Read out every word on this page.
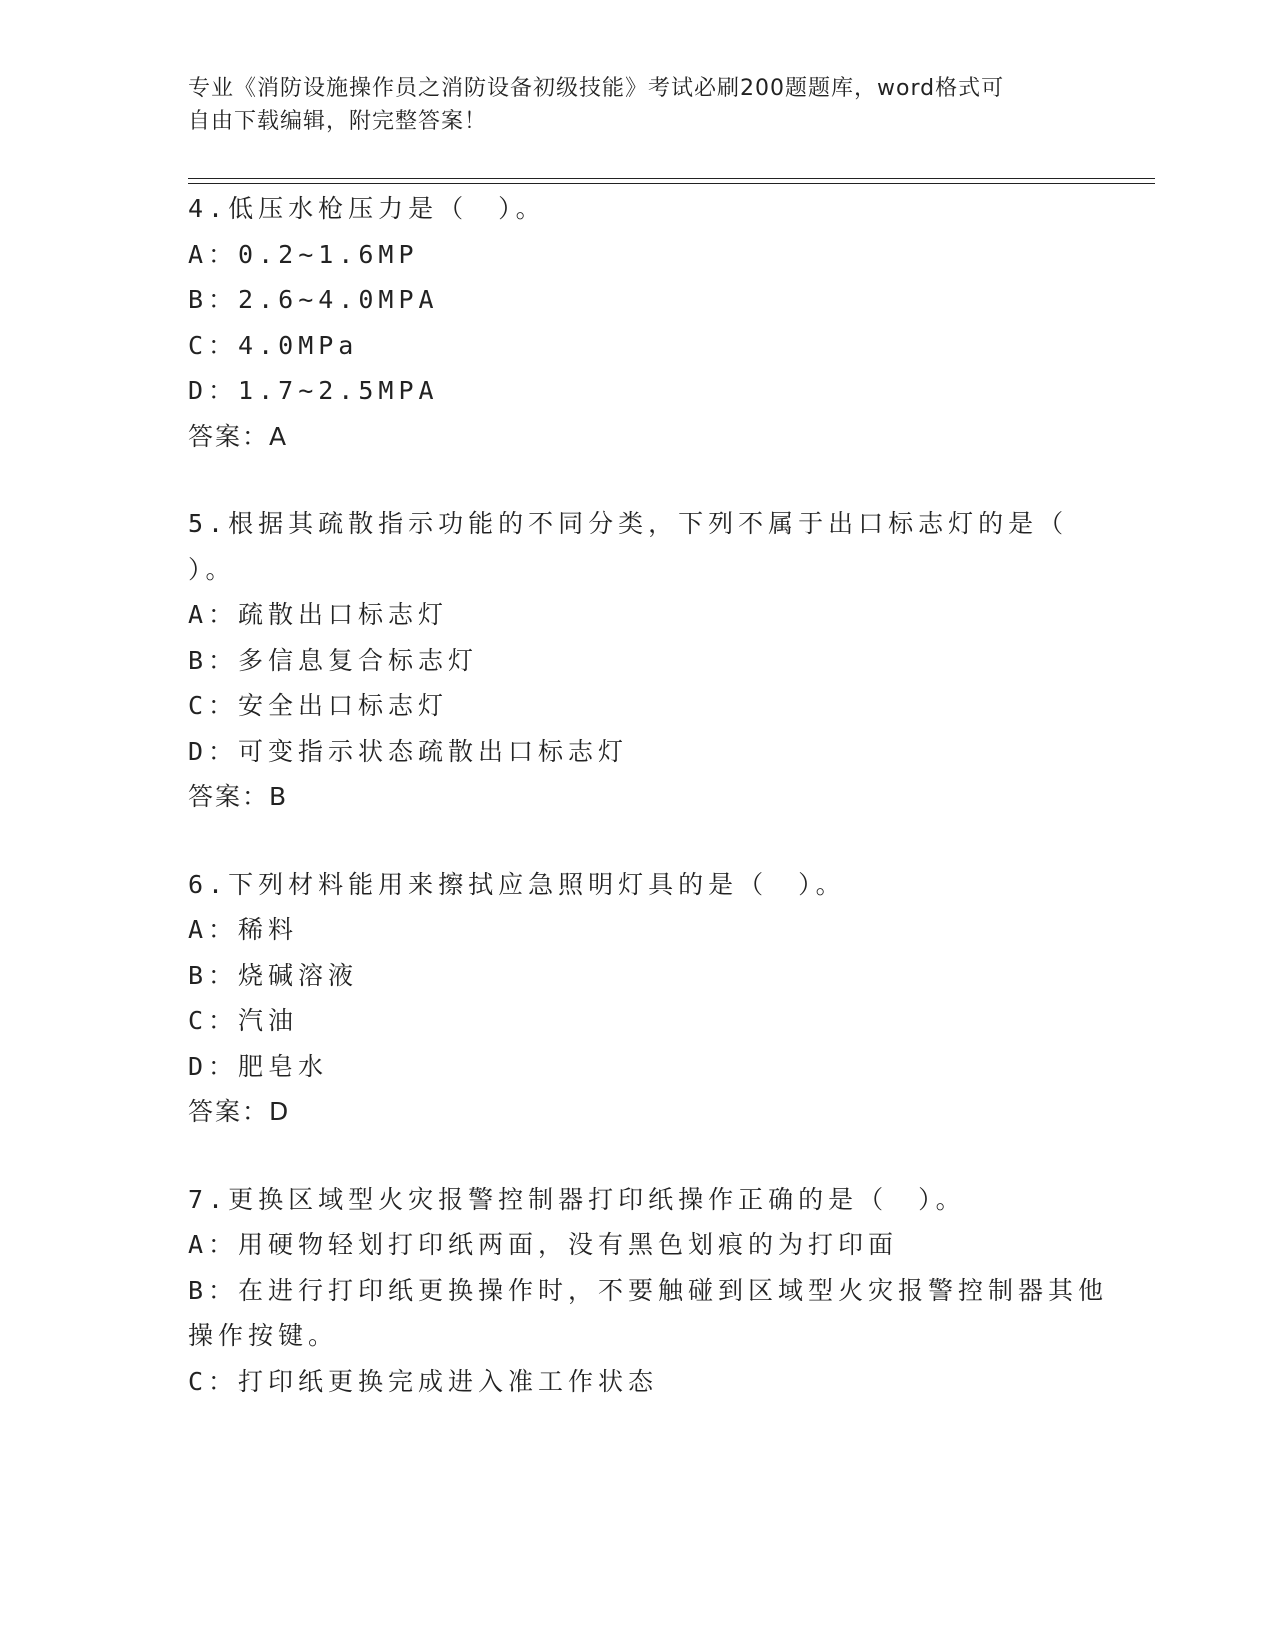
专业《消防设施操作员之消防设备初级技能》考试必刷200题题库，word格式可
自由下载编辑，附完整答案！
4.低压水枪压力是（　）。
A：0.2~1.6MP
B：2.6~4.0MPA
C：4.0MPa
D：1.7~2.5MPA
答案：A
5.根据其疏散指示功能的不同分类，下列不属于出口标志灯的是（
）。
A：疏散出口标志灯
B：多信息复合标志灯
C：安全出口标志灯
D：可变指示状态疏散出口标志灯
答案：B
6.下列材料能用来擦拭应急照明灯具的是（　）。
A：稀料
B：烧碱溶液
C：汽油
D：肥皂水
答案：D
7.更换区域型火灾报警控制器打印纸操作正确的是（　）。
A：用硬物轻划打印纸两面，没有黑色划痕的为打印面
B：在进行打印纸更换操作时，不要触碰到区域型火灾报警控制器其他
操作按键。
C：打印纸更换完成进入准工作状态
